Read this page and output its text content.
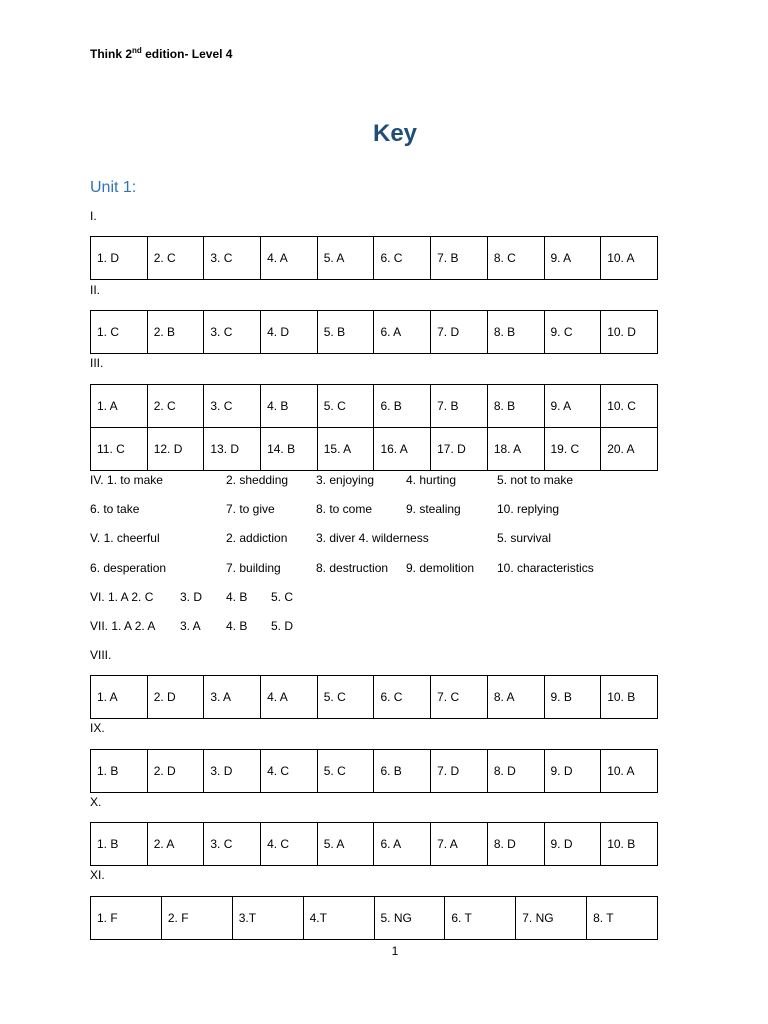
Think 2nd edition- Level 4
Key
Unit 1:
I.
1. D	2. C	3. C	4. A	5. A	6. C	7. B	8. C	9. A	10. A
II.
1. C	2. B	3. C	4. D	5. B	6. A	7. D	8. B	9. C	10. D
III.
1. A	2. C	3. C	4. B	5. C	6. B	7. B	8. B	9. A	10. C
11. C	12. D	13. D	14. B	15. A	16. A	17. D	18. A	19. C	20. A
IV. 1. to make	2. shedding 3. enjoying	4. hurting	5. not to make
6. to take	7. to give	8. to come	9. stealing	10. replying
V. 1. cheerful	2. addiction 3. diver 4. wilderness	5. survival
6. desperation	7. building	8. destruction 9. demolition 10. characteristics
VI. 1. A 2. C 3. D 4. B 5. C
VII. 1. A 2. A 3. A 4. B 5. D
VIII.
1. A	2. D	3. A	4. A	5. C	6. C	7. C	8. A	9. B	10. B
IX.
1. B	2. D	3. D	4. C	5. C	6. B	7. D	8. D	9. D	10. A
X.
1. B	2. A	3. C	4. C	5. A	6. A	7. A	8. D	9. D	10. B
XI.
1. F	2. F	3.T	4.T	5. NG	6. T	7. NG	8. T
1
